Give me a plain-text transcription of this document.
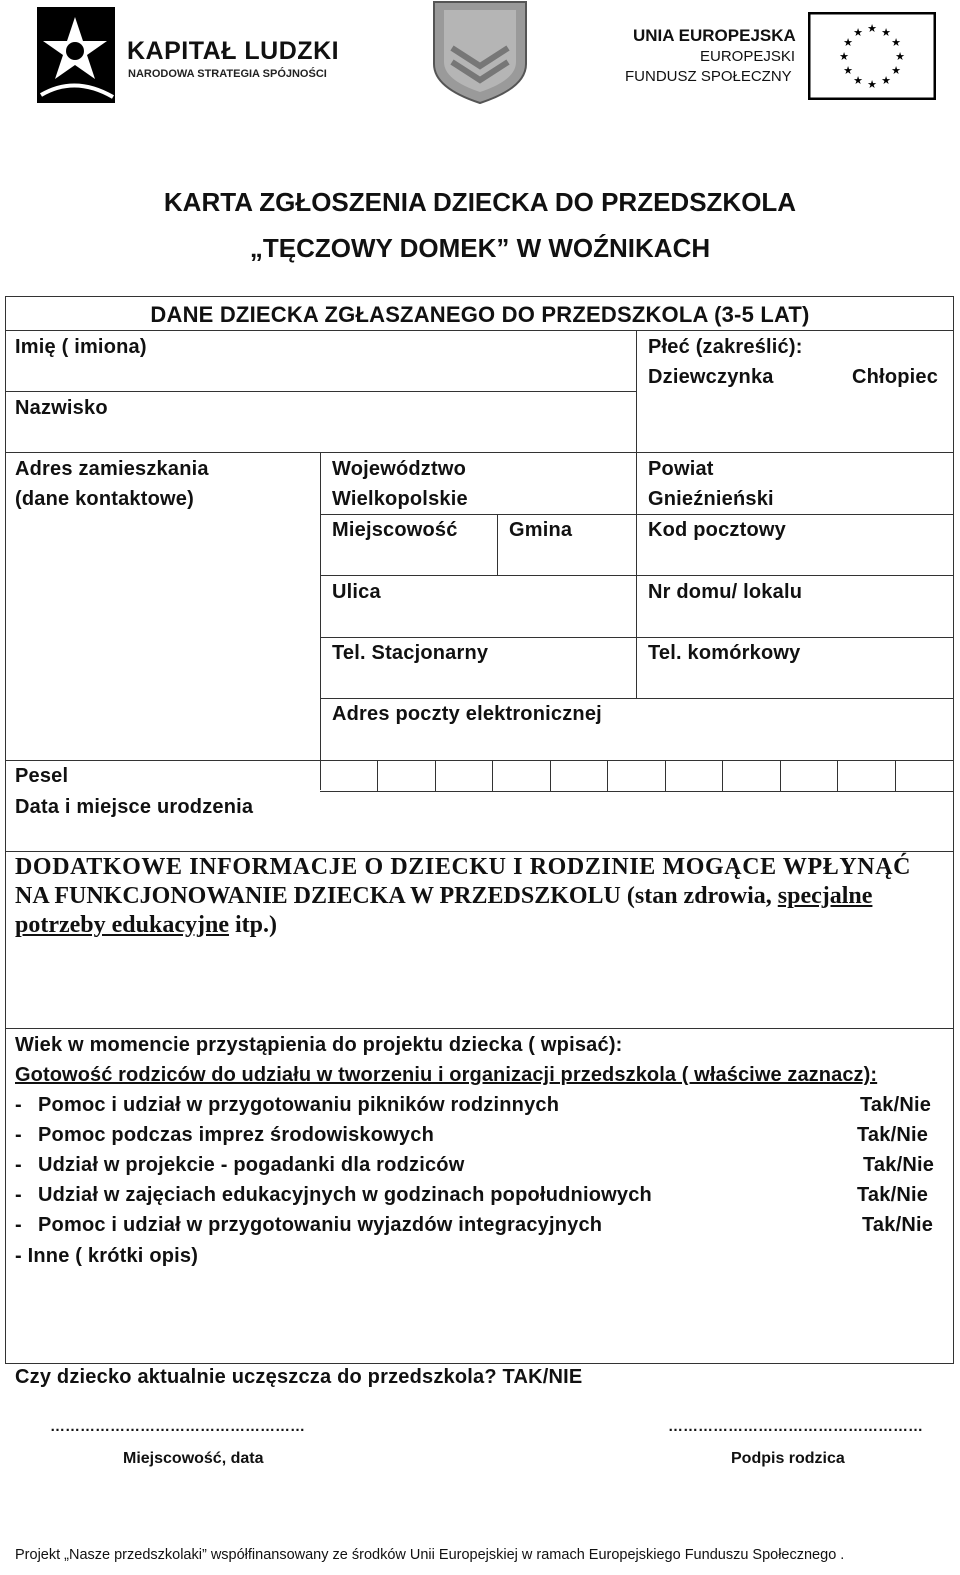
KAPITAŁ LUDZKI
NARODOWA STRATEGIA SPÓJNOŚCI
UNIA EUROPEJSKA
EUROPEJSKI
FUNDUSZ SPOŁECZNY
★ ★
★
★
★
★
★
★
★
★
★
★
KARTA ZGŁOSZENIA DZIECKA DO PRZEDSZKOLA
„TĘCZOWY DOMEK” W WOŹNIKACH
DANE DZIECKA ZGŁASZANEGO DO PRZEDSZKOLA (3-5 LAT)
Imię ( imiona)	Płeć (zakreślić):
Dziewczynka	Chłopiec
Nazwisko
Adres zamieszkania
(dane kontaktowe)
Województwo
Wielkopolskie
Powiat
Gnieźnieński
Miejscowość	Gmina	Kod pocztowy
Ulica	Nr domu/ lokalu
Tel. Stacjonarny	Tel. komórkowy
Adres poczty elektronicznej
Pesel
Data i miejsce urodzenia
DODATKOWE INFORMACJE O DZIECKU I RODZINIE MOGĄCE WPŁYNĄĆ
NA FUNKCJONOWANIE DZIECKA W PRZEDSZKOLU (stan zdrowia, specjalne
potrzeby edukacyjne itp.)
Wiek w momencie przystąpienia do projektu dziecka ( wpisać):
Gotowość rodziców do udziału w tworzeniu i organizacji przedszkola ( właściwe zaznacz):
- Pomoc i udział w przygotowaniu pikników rodzinnych	Tak/Nie
- Pomoc podczas imprez środowiskowych	Tak/Nie
- Udział w projekcie - pogadanki dla rodziców	Tak/Nie
- Udział w zajęciach edukacyjnych w godzinach popołudniowych	Tak/Nie
- Pomoc i udział w przygotowaniu wyjazdów integracyjnych	Tak/Nie
- Inne ( krótki opis)
Czy dziecko aktualnie uczęszcza do przedszkola? TAK/NIE
……………………………………………	……………………………………………
Miejscowość, data	Podpis rodzica
Projekt „Nasze przedszkolaki” współfinansowany ze środków Unii Europejskiej w ramach Europejskiego Funduszu Społecznego .
